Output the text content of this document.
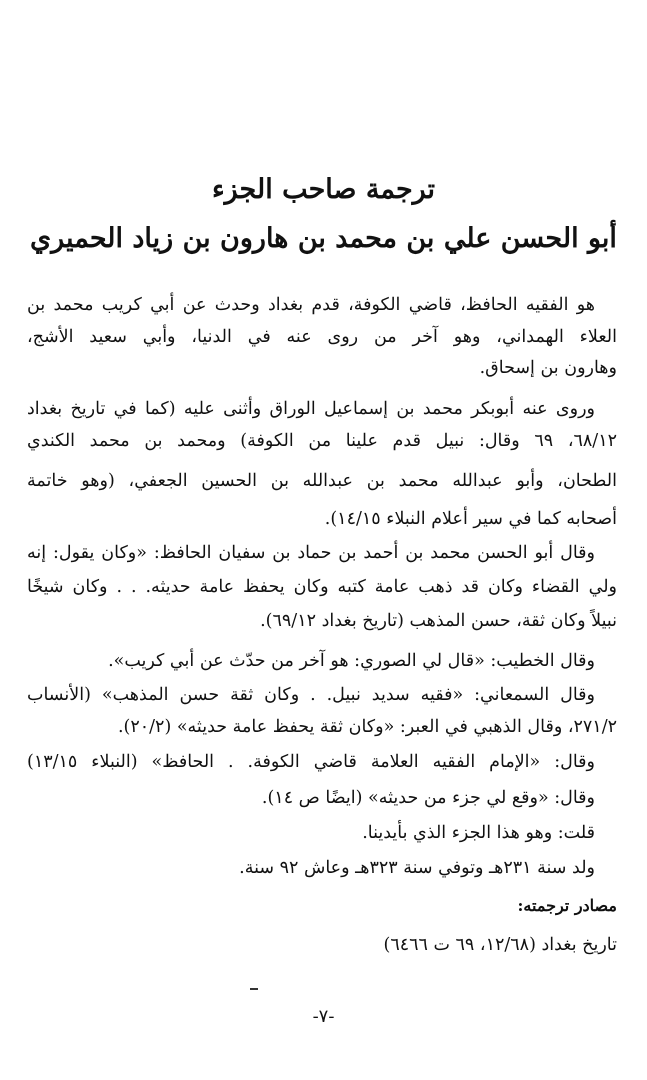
ترجمة صاحب الجزء
أبو الحسن علي بن محمد بن هارون بن زياد الحميري
هو الفقيه الحافظ، قاضي الكوفة، قدم بغداد وحدث عن أبي كريب محمد بن
العلاء الهمداني، وهو آخر من روى عنه في الدنيا، وأبي سعيد الأشج،
وهارون بن إسحاق.
وروى عنه أبوبكر محمد بن إسماعيل الوراق وأثنى عليه (كما في تاريخ بغداد
٦٨/١٢، ٦٩ وقال: نبيل قدم علينا من الكوفة) ومحمد بن محمد الكندي
الطحان، وأبو عبدالله محمد بن عبدالله بن الحسين الجعفي، (وهو خاتمة
أصحابه كما في سير أعلام النبلاء ١٤/١٥).
وقال أبو الحسن محمد بن أحمد بن حماد بن سفيان الحافظ: «وكان يقول: إنه
ولي القضاء وكان قد ذهب عامة كتبه وكان يحفظ عامة حديثه. . . وكان شيخًا
نبيلاً وكان ثقة، حسن المذهب (تاريخ بغداد ٦٩/١٢).
وقال الخطيب: «قال لي الصوري: هو آخر من حدّث عن أبي كريب».
وقال السمعاني: «فقيه سديد نبيل. . وكان ثقة حسن المذهب» (الأنساب
٢٧١/٢، وقال الذهبي في العبر: «وكان ثقة يحفظ عامة حديثه» (٢٠/٢).
وقال: «الإمام الفقيه العلامة قاضي الكوفة. . الحافظ» (النبلاء ١٣/١٥)
وقال: «وقع لي جزء من حديثه» (ايضًا ص ١٤).
قلت: وهو هذا الجزء الذي بأيدينا.
ولد سنة ٢٣١هـ وتوفي سنة ٣٢٣هـ وعاش ٩٢ سنة.
مصادر ترجمته:
تاريخ بغداد (١٢/٦٨، ٦٩ ت ٦٤٦٦)
-٧-
